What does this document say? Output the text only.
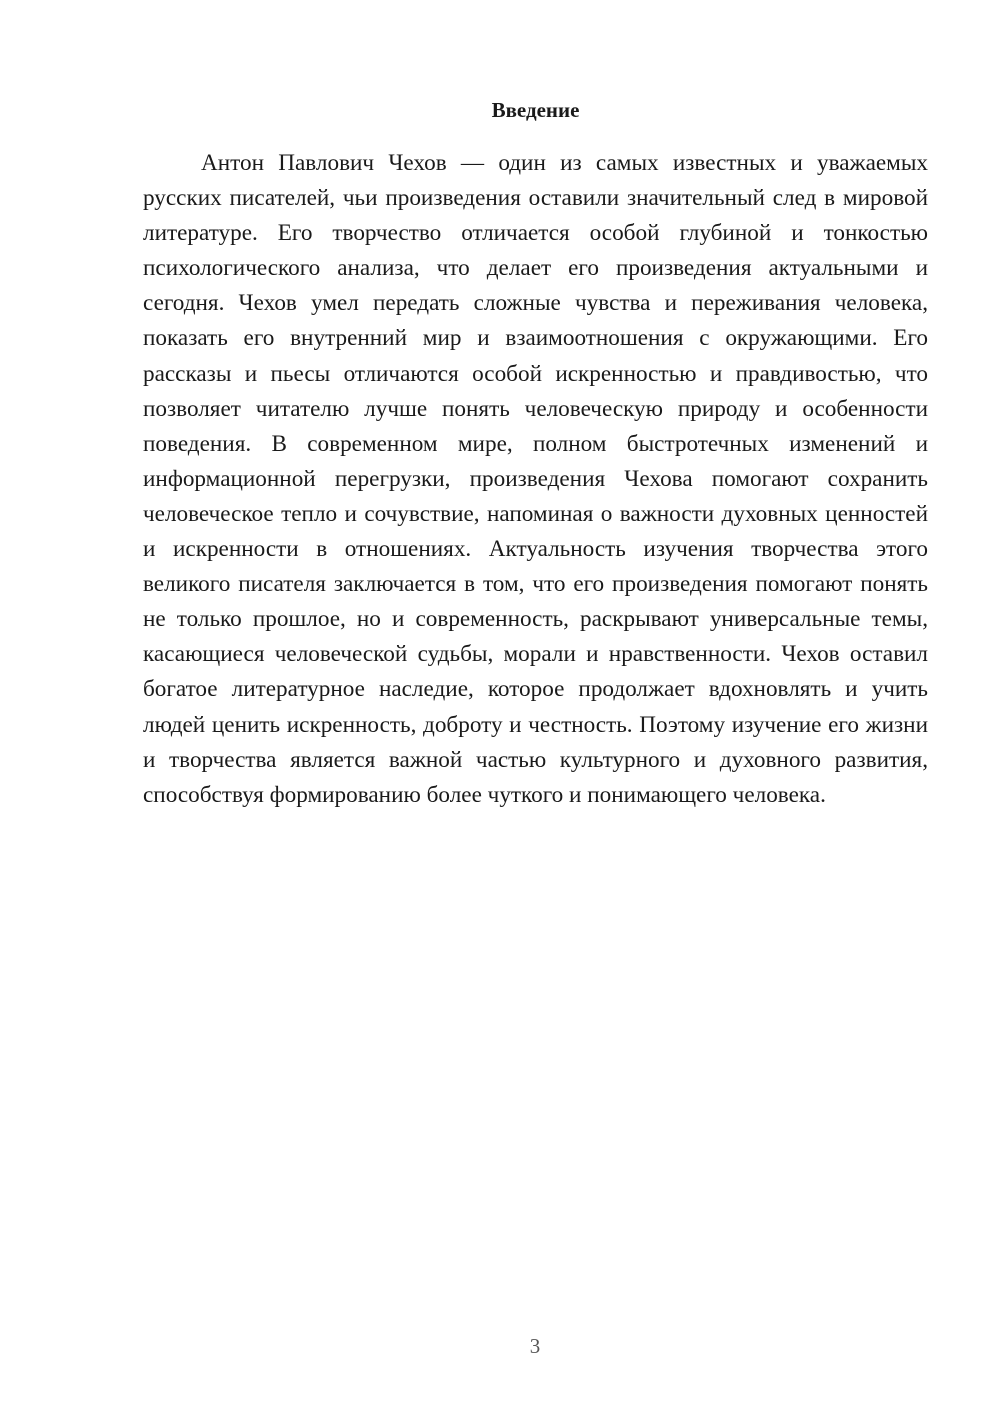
Введение

Антон Павлович Чехов — один из самых известных и уважаемых русских писателей, чьи произведения оставили значительный след в мировой литературе. Его творчество отличается особой глубиной и тонкостью психологического анализа, что делает его произведения актуальными и сегодня. Чехов умел передать сложные чувства и переживания человека, показать его внутренний мир и взаимоотношения с окружающими. Его рассказы и пьесы отличаются особой искренностью и правдивостью, что позволяет читателю лучше понять человеческую природу и особенности поведения. В современном мире, полном быстротечных изменений и информационной перегрузки, произведения Чехова помогают сохранить человеческое тепло и сочувствие, напоминая о важности духовных ценностей и искренности в отношениях. Актуальность изучения творчества этого великого писателя заключается в том, что его произведения помогают понять не только прошлое, но и современность, раскрывают универсальные темы, касающиеся человеческой судьбы, морали и нравственности. Чехов оставил богатое литературное наследие, которое продолжает вдохновлять и учить людей ценить искренность, доброту и честность. Поэтому изучение его жизни и творчества является важной частью культурного и духовного развития, способствуя формированию более чуткого и понимающего человека.

3
